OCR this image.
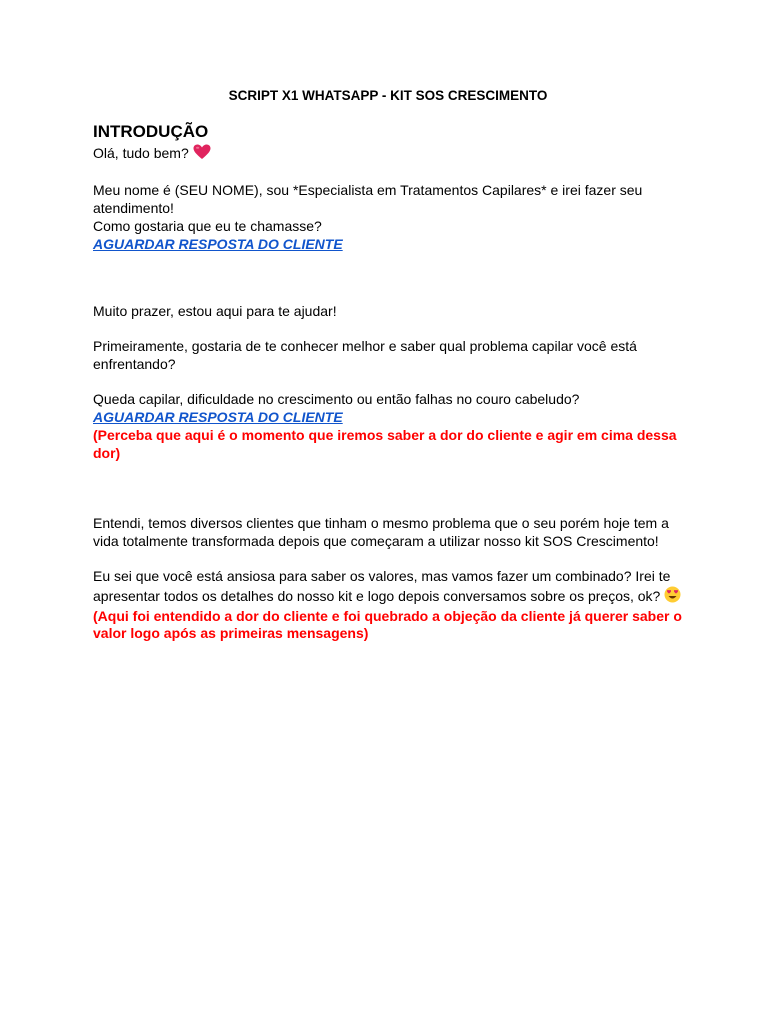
SCRIPT X1 WHATSAPP - KIT SOS CRESCIMENTO
INTRODUÇÃO

Olá, tudo bem?

Meu nome é (SEU NOME), sou *Especialista em Tratamentos Capilares* e irei fazer seu atendimento!

Como gostaria que eu te chamasse?

AGUARDAR RESPOSTA DO CLIENTE

Muito prazer, estou aqui para te ajudar!

Primeiramente, gostaria de te conhecer melhor e saber qual problema capilar você está enfrentando?

Queda capilar, dificuldade no crescimento ou então falhas no couro cabeludo?

AGUARDAR RESPOSTA DO CLIENTE

(Perceba que aqui é o momento que iremos saber a dor do cliente e agir em cima dessa dor)

Entendi, temos diversos clientes que tinham o mesmo problema que o seu porém hoje tem a vida totalmente transformada depois que começaram a utilizar nosso kit SOS Crescimento!

Eu sei que você está ansiosa para saber os valores, mas vamos fazer um combinado? Irei te apresentar todos os detalhes do nosso kit e logo depois conversamos sobre os preços, ok?

(Aqui foi entendido a dor do cliente e foi quebrado a objeção da cliente já querer saber o valor logo após as primeiras mensagens)
